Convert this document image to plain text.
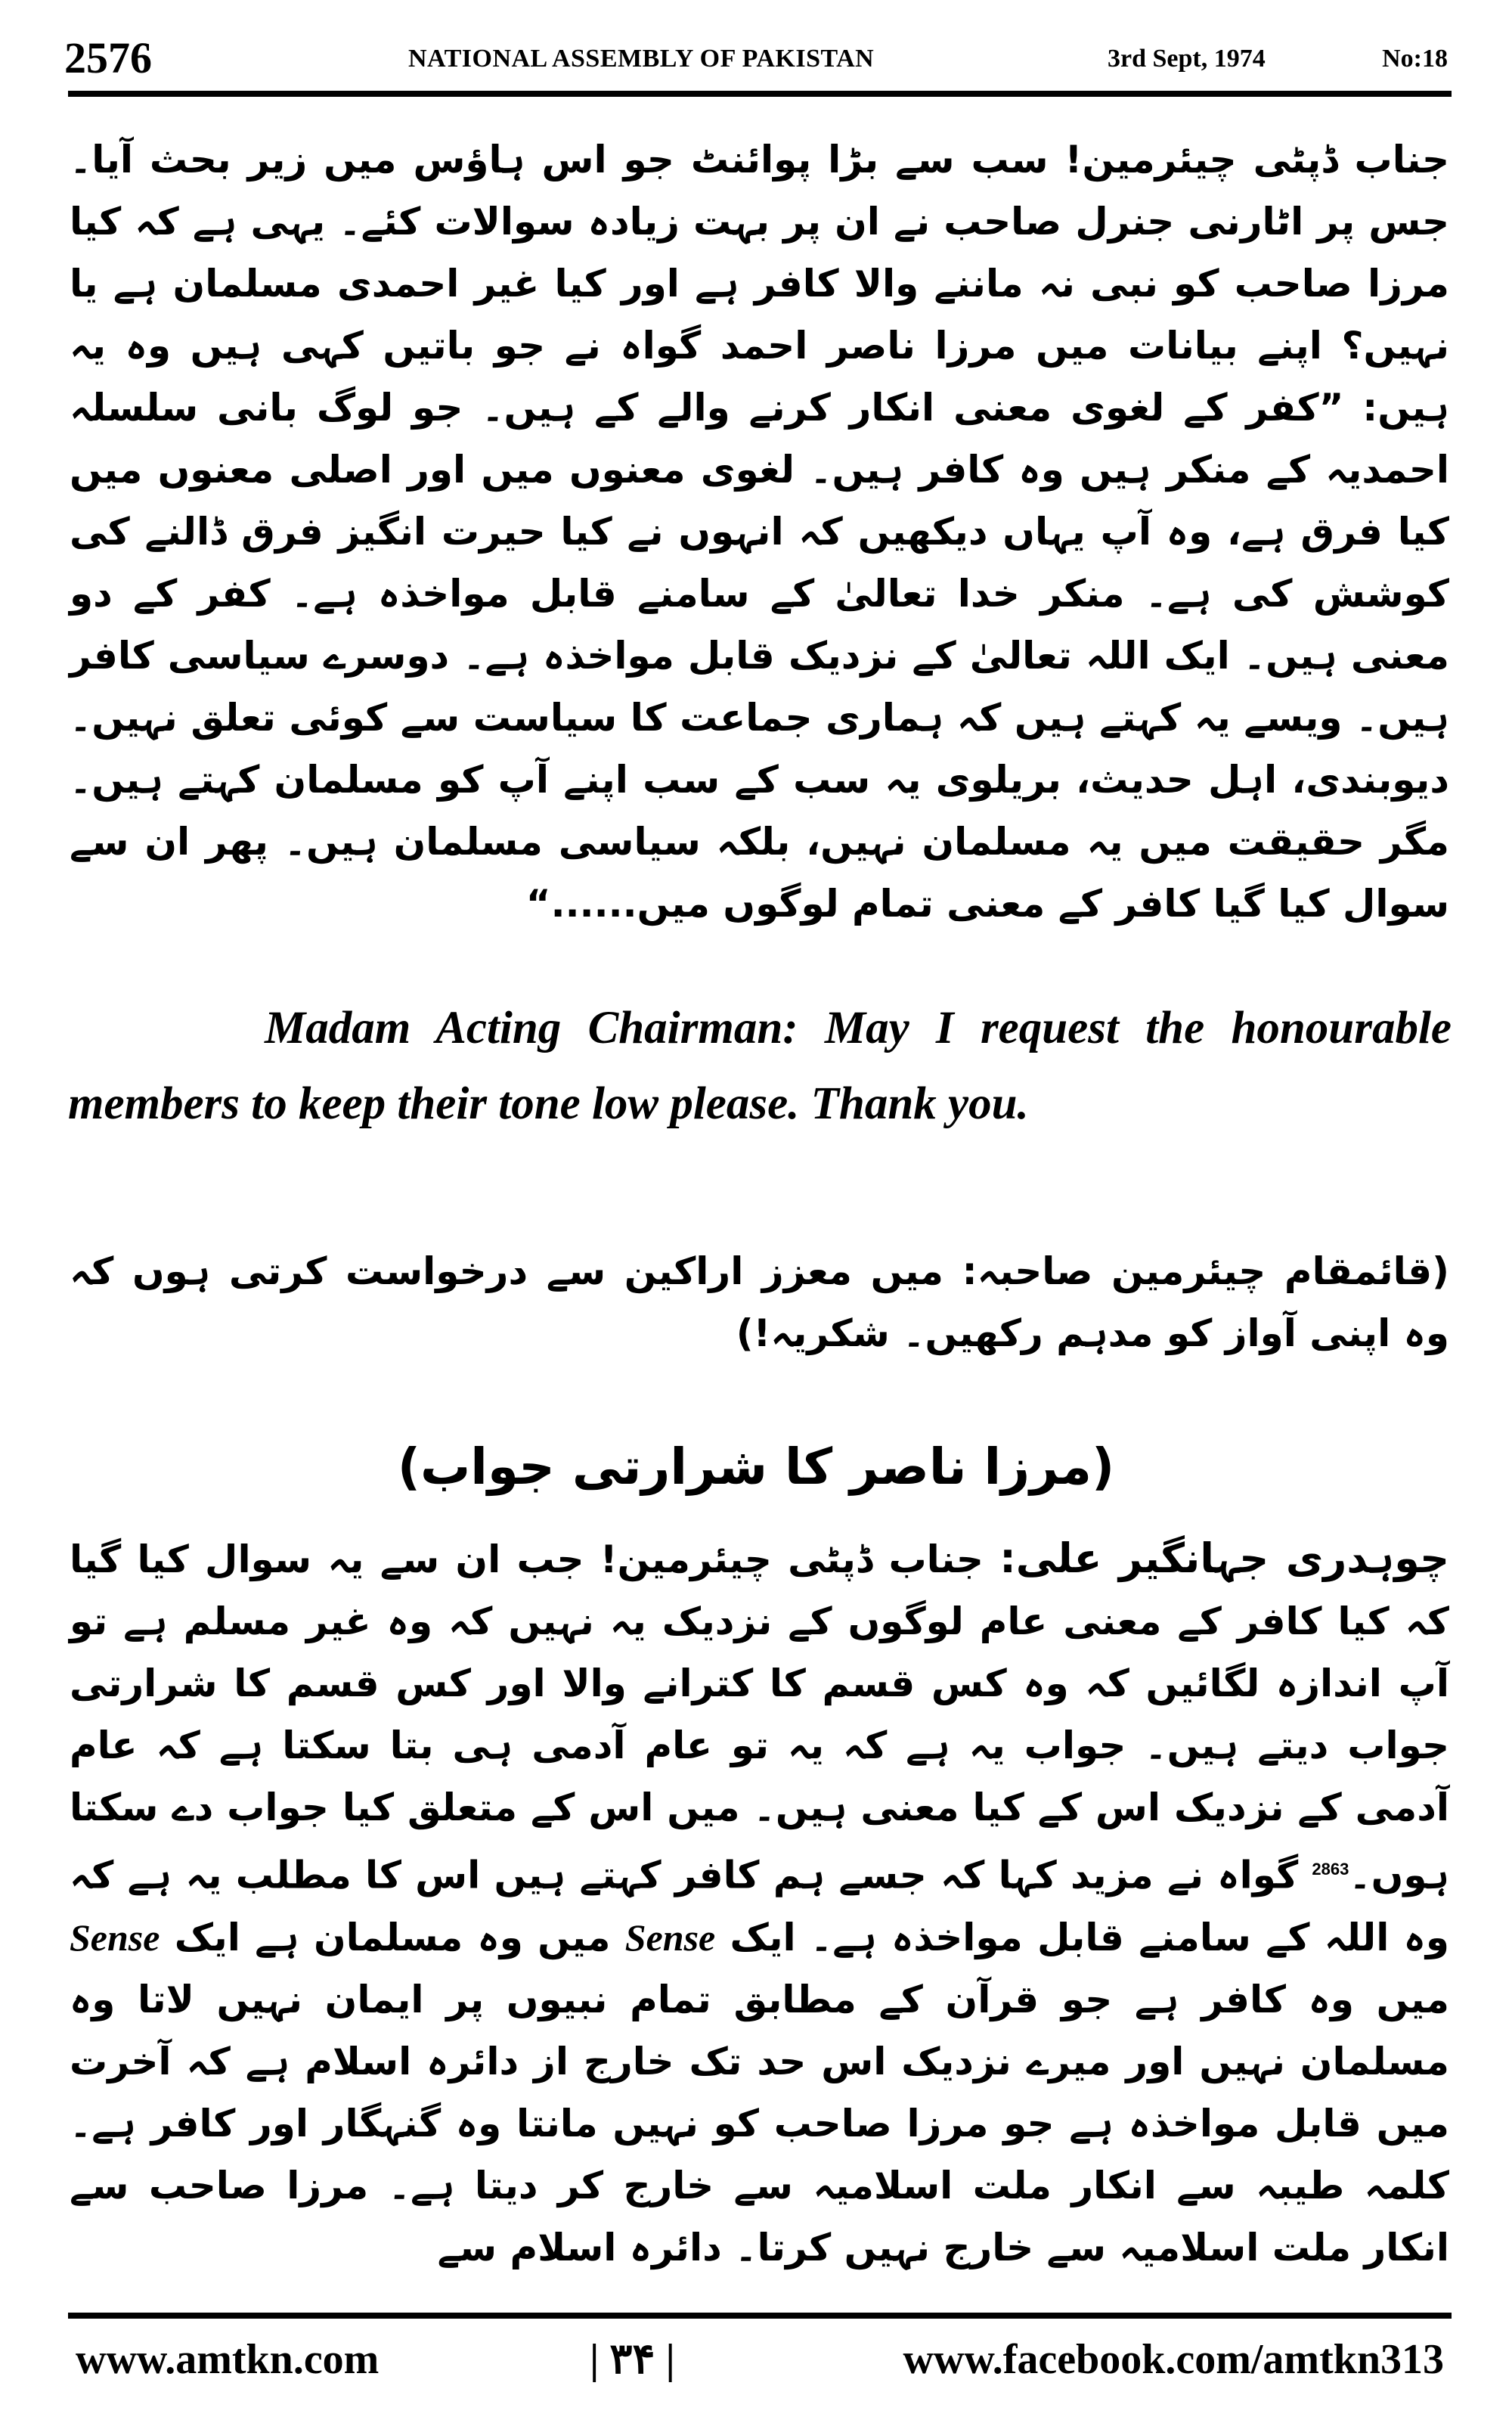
2576	NATIONAL ASSEMBLY OF PAKISTAN	3rd Sept, 1974	No:18

جناب ڈپٹی چیئرمین! سب سے بڑا پوائنٹ جو اس ہاؤس میں زیر بحث آیا۔ جس پر اٹارنی جنرل صاحب نے ان پر بہت زیادہ سوالات کئے۔ یہی ہے کہ کیا مرزا صاحب کو نبی نہ ماننے والا کافر ہے اور کیا غیر احمدی مسلمان ہے یا نہیں؟ اپنے بیانات میں مرزا ناصر احمد گواہ نے جو باتیں کہی ہیں وہ یہ ہیں: ”کفر کے لغوی معنی انکار کرنے والے کے ہیں۔ جو لوگ بانی سلسلہ احمدیہ کے منکر ہیں وہ کافر ہیں۔ لغوی معنوں میں اور اصلی معنوں میں کیا فرق ہے، وہ آپ یہاں دیکھیں کہ انہوں نے کیا حیرت انگیز فرق ڈالنے کی کوشش کی ہے۔ منکر خدا تعالیٰ کے سامنے قابل مواخذہ ہے۔ کفر کے دو معنی ہیں۔ ایک اللہ تعالیٰ کے نزدیک قابل مواخذہ ہے۔ دوسرے سیاسی کافر ہیں۔ ویسے یہ کہتے ہیں کہ ہماری جماعت کا سیاست سے کوئی تعلق نہیں۔ دیوبندی، اہل حدیث، بریلوی یہ سب کے سب اپنے آپ کو مسلمان کہتے ہیں۔ مگر حقیقت میں یہ مسلمان نہیں، بلکہ سیاسی مسلمان ہیں۔ پھر ان سے سوال کیا گیا کافر کے معنی تمام لوگوں میں......“

Madam Acting Chairman: May I request the honourable members to keep their tone low please. Thank you.

(قائمقام چیئرمین صاحبہ: میں معزز اراکین سے درخواست کرتی ہوں کہ وہ اپنی آواز کو مدہم رکھیں۔ شکریہ!)

(مرزا ناصر کا شرارتی جواب)

چوہدری جہانگیر علی: جناب ڈپٹی چیئرمین! جب ان سے یہ سوال کیا گیا کہ کیا کافر کے معنی عام لوگوں کے نزدیک یہ نہیں کہ وہ غیر مسلم ہے تو آپ اندازہ لگائیں کہ وہ کس قسم کا کترانے والا اور کس قسم کا شرارتی جواب دیتے ہیں۔ جواب یہ ہے کہ یہ تو عام آدمی ہی بتا سکتا ہے کہ عام آدمی کے نزدیک اس کے کیا معنی ہیں۔ میں اس کے متعلق کیا جواب دے سکتا ہوں۔$^{2863}$ گواہ نے مزید کہا کہ جسے ہم کافر کہتے ہیں اس کا مطلب یہ ہے کہ وہ اللہ کے سامنے قابل مواخذہ ہے۔ ایک Sense میں وہ مسلمان ہے ایک Sense میں وہ کافر ہے جو قرآن کے مطابق تمام نبیوں پر ایمان نہیں لاتا وہ مسلمان نہیں اور میرے نزدیک اس حد تک خارج از دائرہ اسلام ہے کہ آخرت میں قابل مواخذہ ہے جو مرزا صاحب کو نہیں مانتا وہ گنہگار اور کافر ہے۔ کلمہ طیبہ سے انکار ملت اسلامیہ سے خارج کر دیتا ہے۔ مرزا صاحب سے انکار ملت اسلامیہ سے خارج نہیں کرتا۔ دائرہ اسلام سے

www.amtkn.com	| ۳۴ |	www.facebook.com/amtkn313
